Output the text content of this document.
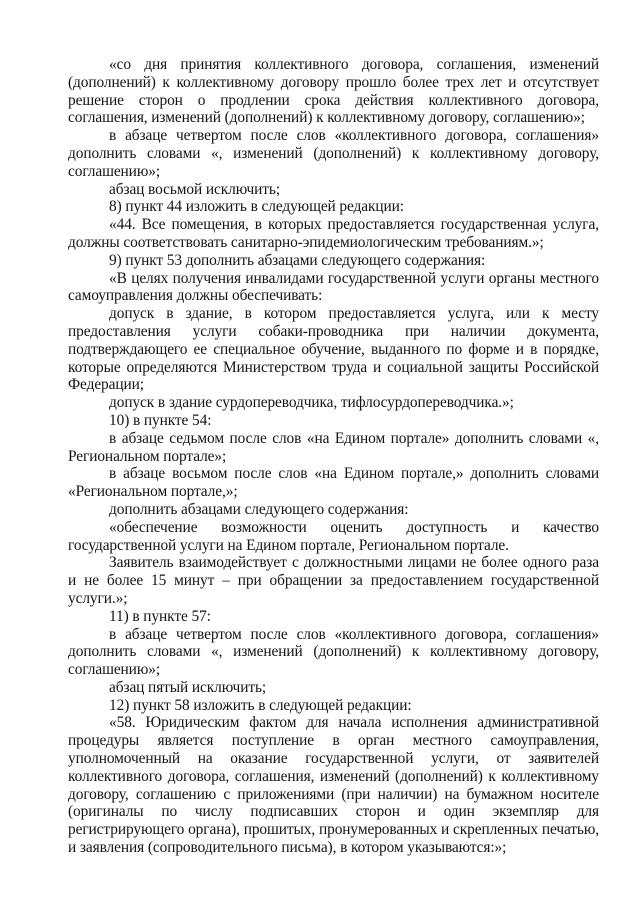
«со дня принятия коллективного договора, соглашения, изменений (дополнений) к коллективному договору прошло более трех лет и отсутствует решение сторон о продлении срока действия коллективного договора, соглашения, изменений (дополнений) к коллективному договору, соглашению»;

в абзаце четвертом после слов «коллективного договора, соглашения» дополнить словами «, изменений (дополнений) к коллективному договору, соглашению»;

абзац восьмой исключить;

8) пункт 44 изложить в следующей редакции:

«44. Все помещения, в которых предоставляется государственная услуга, должны соответствовать санитарно-эпидемиологическим требованиям.»;

9) пункт 53 дополнить абзацами следующего содержания:

«В целях получения инвалидами государственной услуги органы местного самоуправления должны обеспечивать:

допуск в здание, в котором предоставляется услуга, или к месту предоставления услуги собаки-проводника при наличии документа, подтверждающего ее специальное обучение, выданного по форме и в порядке, которые определяются Министерством труда и социальной защиты Российской Федерации;

допуск в здание сурдопереводчика, тифлосурдопереводчика.»;

10) в пункте 54:

в абзаце седьмом после слов «на Едином портале» дополнить словами «, Региональном портале»;

в абзаце восьмом после слов «на Едином портале,» дополнить словами «Региональном портале,»;

дополнить абзацами следующего содержания:

«обеспечение возможности оценить доступность и качество государственной услуги на Едином портале, Региональном портале.

Заявитель взаимодействует с должностными лицами не более одного раза и не более 15 минут – при обращении за предоставлением государственной услуги.»;

11) в пункте 57:

в абзаце четвертом после слов «коллективного договора, соглашения» дополнить словами «, изменений (дополнений) к коллективному договору, соглашению»;

абзац пятый исключить;

12) пункт 58 изложить в следующей редакции:

«58. Юридическим фактом для начала исполнения административной процедуры является поступление в орган местного самоуправления, уполномоченный на оказание государственной услуги, от заявителей коллективного договора, соглашения, изменений (дополнений) к коллективному договору, соглашению с приложениями (при наличии) на бумажном носителе (оригиналы по числу подписавших сторон и один экземпляр для регистрирующего органа), прошитых, пронумерованных и скрепленных печатью, и заявления (сопроводительного письма), в котором указываются:»;
